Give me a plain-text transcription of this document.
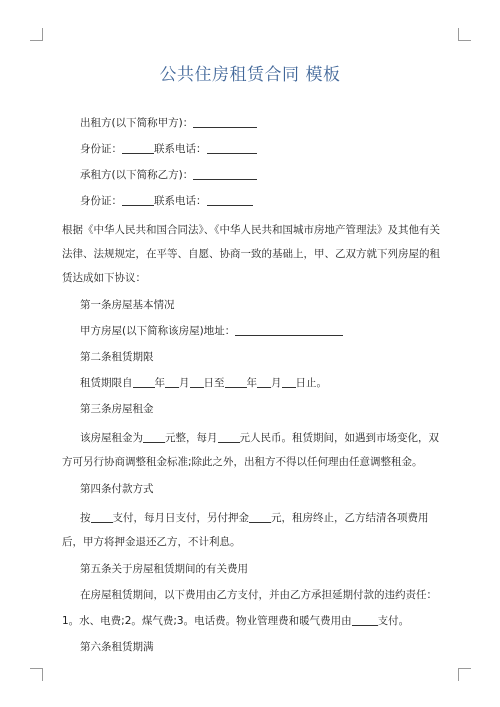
公共住房租赁合同 模板
出租方(以下简称甲方)：
身份证：	联系电话：
承租方(以下简称乙方)：
身份证：	联系电话：
根据《中华人民共和国合同法》、《中华人民共和国城市房地产管理法》及其他有关法律、法规规定，在平等、自愿、协商一致的基础上，甲、乙双方就下列房屋的租赁达成如下协议：
第一条房屋基本情况
甲方房屋(以下简称该房屋)地址：
第二条租赁期限
租赁期限自 年 月 日至 年 月 日止。
第三条房屋租金
该房屋租金为 元整，每月 元人民币。租赁期间，如遇到市场变化，双方可另行协商调整租金标准;除此之外，出租方不得以任何理由任意调整租金。
第四条付款方式
按 支付，每月日支付，另付押金 元，租房终止，乙方结清各项费用后，甲方将押金退还乙方，不计利息。
第五条关于房屋租赁期间的有关费用
在房屋租赁期间，以下费用由乙方支付，并由乙方承担延期付款的违约责任：
1。水、电费;2。煤气费;3。电话费。物业管理费和暖气费用由 支付。
第六条租赁期满
